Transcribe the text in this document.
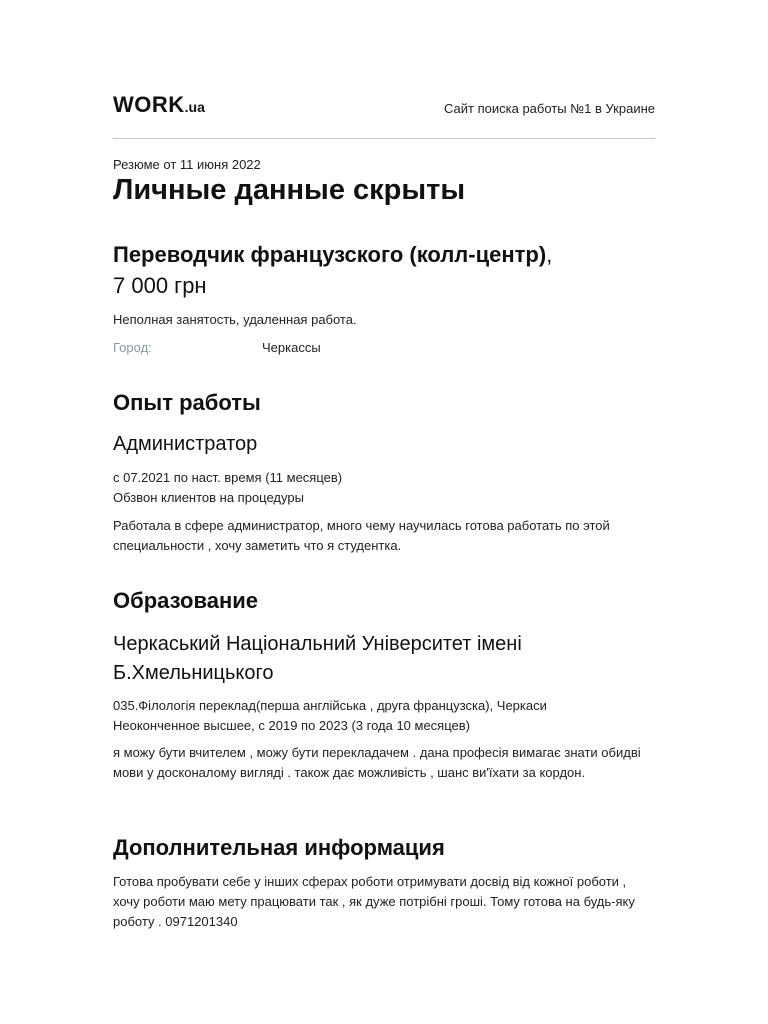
WORK.ua	Сайт поиска работы №1 в Украине
Резюме от 11 июня 2022
Личные данные скрыты
Переводчик французского (колл-центр),
7 000 грн
Неполная занятость, удаленная работа.
Город:	Черкассы
Опыт работы
Администратор
с 07.2021 по наст. время (11 месяцев)
Обзвон клиентов на процедуры
Работала в сфере администратор, много чему научилась готова работать по этой специальности , хочу заметить что я студентка.
Образование
Черкаський Національний Університет імені Б.Хмельницького
035.Філологія переклад(перша англійська , друга французска), Черкаси
Неоконченное высшее, с 2019 по 2023 (3 года 10 месяцев)
я можу бути вчителем , можу бути перекладачем . дана професія вимагає знати обидві мови у досконалому вигляді . також дає можливість , шанс ви'їхати за кордон.
Дополнительная информация
Готова пробувати себе у інших сферах роботи отримувати досвід від кожної роботи , хочу роботи маю мету працювати так , як дуже потрібні гроші. Тому готова на будь-яку роботу . 0971201340
